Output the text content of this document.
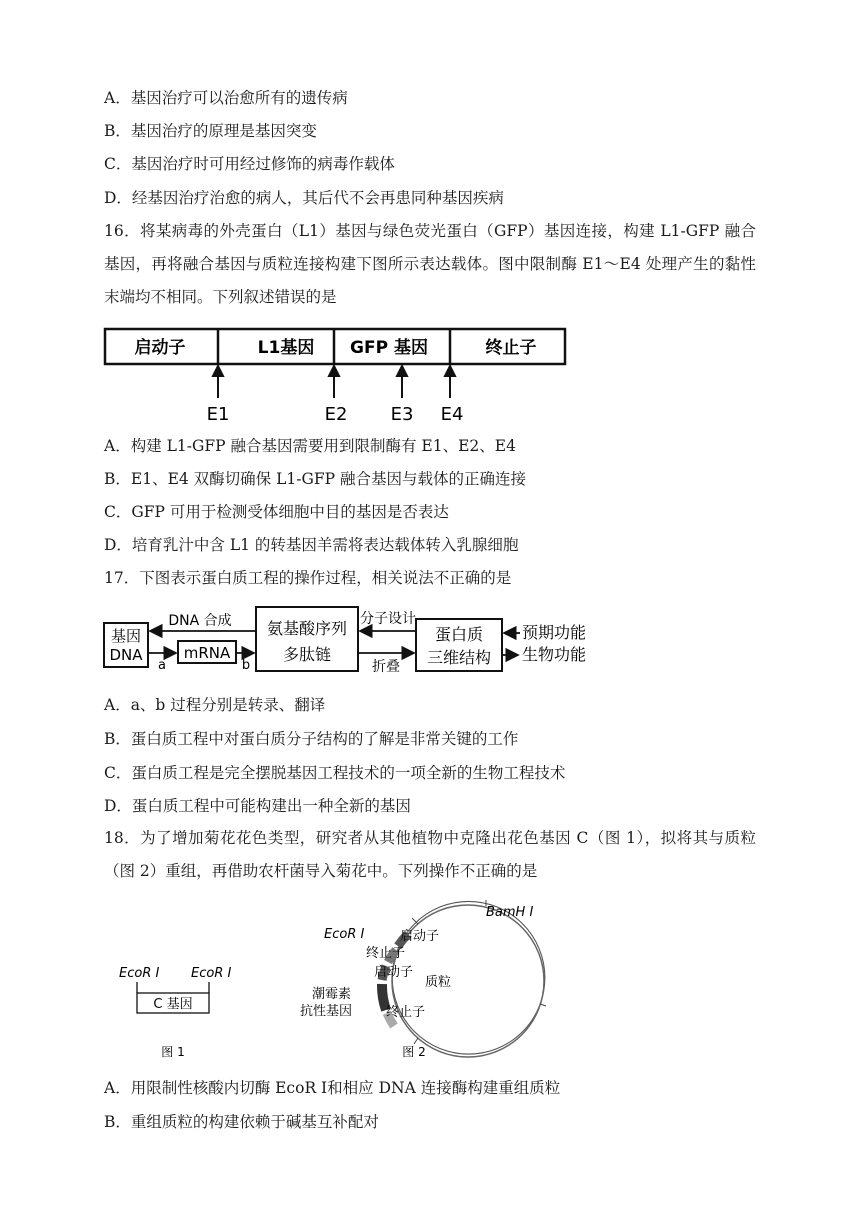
A．基因治疗可以治愈所有的遗传病
B．基因治疗的原理是基因突变
C．基因治疗时可用经过修饰的病毒作载体
D．经基因治疗治愈的病人，其后代不会再患同种基因疾病
16．将某病毒的外壳蛋白（L1）基因与绿色荧光蛋白（GFP）基因连接，构建 L1-GFP 融合基因，再将融合基因与质粒连接构建下图所示表达载体。图中限制酶 E1～E4 处理产生的黏性末端均不相同。下列叙述错误的是
启动子	L1基因 GFP 基因	终止子
E1	E2 E3 E4
A．构建 L1-GFP 融合基因需要用到限制酶有 E1、E2、E4
B．E1、E4 双酶切确保 L1-GFP 融合基因与载体的正确连接
C．GFP 可用于检测受体细胞中目的基因是否表达
D．培育乳汁中含 L1 的转基因羊需将表达载体转入乳腺细胞
17．下图表示蛋白质工程的操作过程，相关说法不正确的是
基因
DNA	mRNA
氨基酸序列
多肽链
蛋白质
三维结构
DNA 合成
a	b
分子设计
折叠
预期功能
生物功能
A．a、b 过程分别是转录、翻译
B．蛋白质工程中对蛋白质分子结构的了解是非常关键的工作
C．蛋白质工程是完全摆脱基因工程技术的一项全新的生物工程技术
D．蛋白质工程中可能构建出一种全新的基因
18．为了增加菊花花色类型，研究者从其他植物中克隆出花色基因 C（图 1），拟将其与质粒（图 2）重组，再借助农杆菌导入菊花中。下列操作不正确的是
EcoR Ⅰ EcoR Ⅰ
C 基因
图 1
BamH Ⅰ
EcoR Ⅰ	启动子
终止子
启动子
质粒
潮霉素
抗性基因	终止子
图 2
A．用限制性核酸内切酶 EcoR Ⅰ和相应 DNA 连接酶构建重组质粒
B．重组质粒的构建依赖于碱基互补配对
